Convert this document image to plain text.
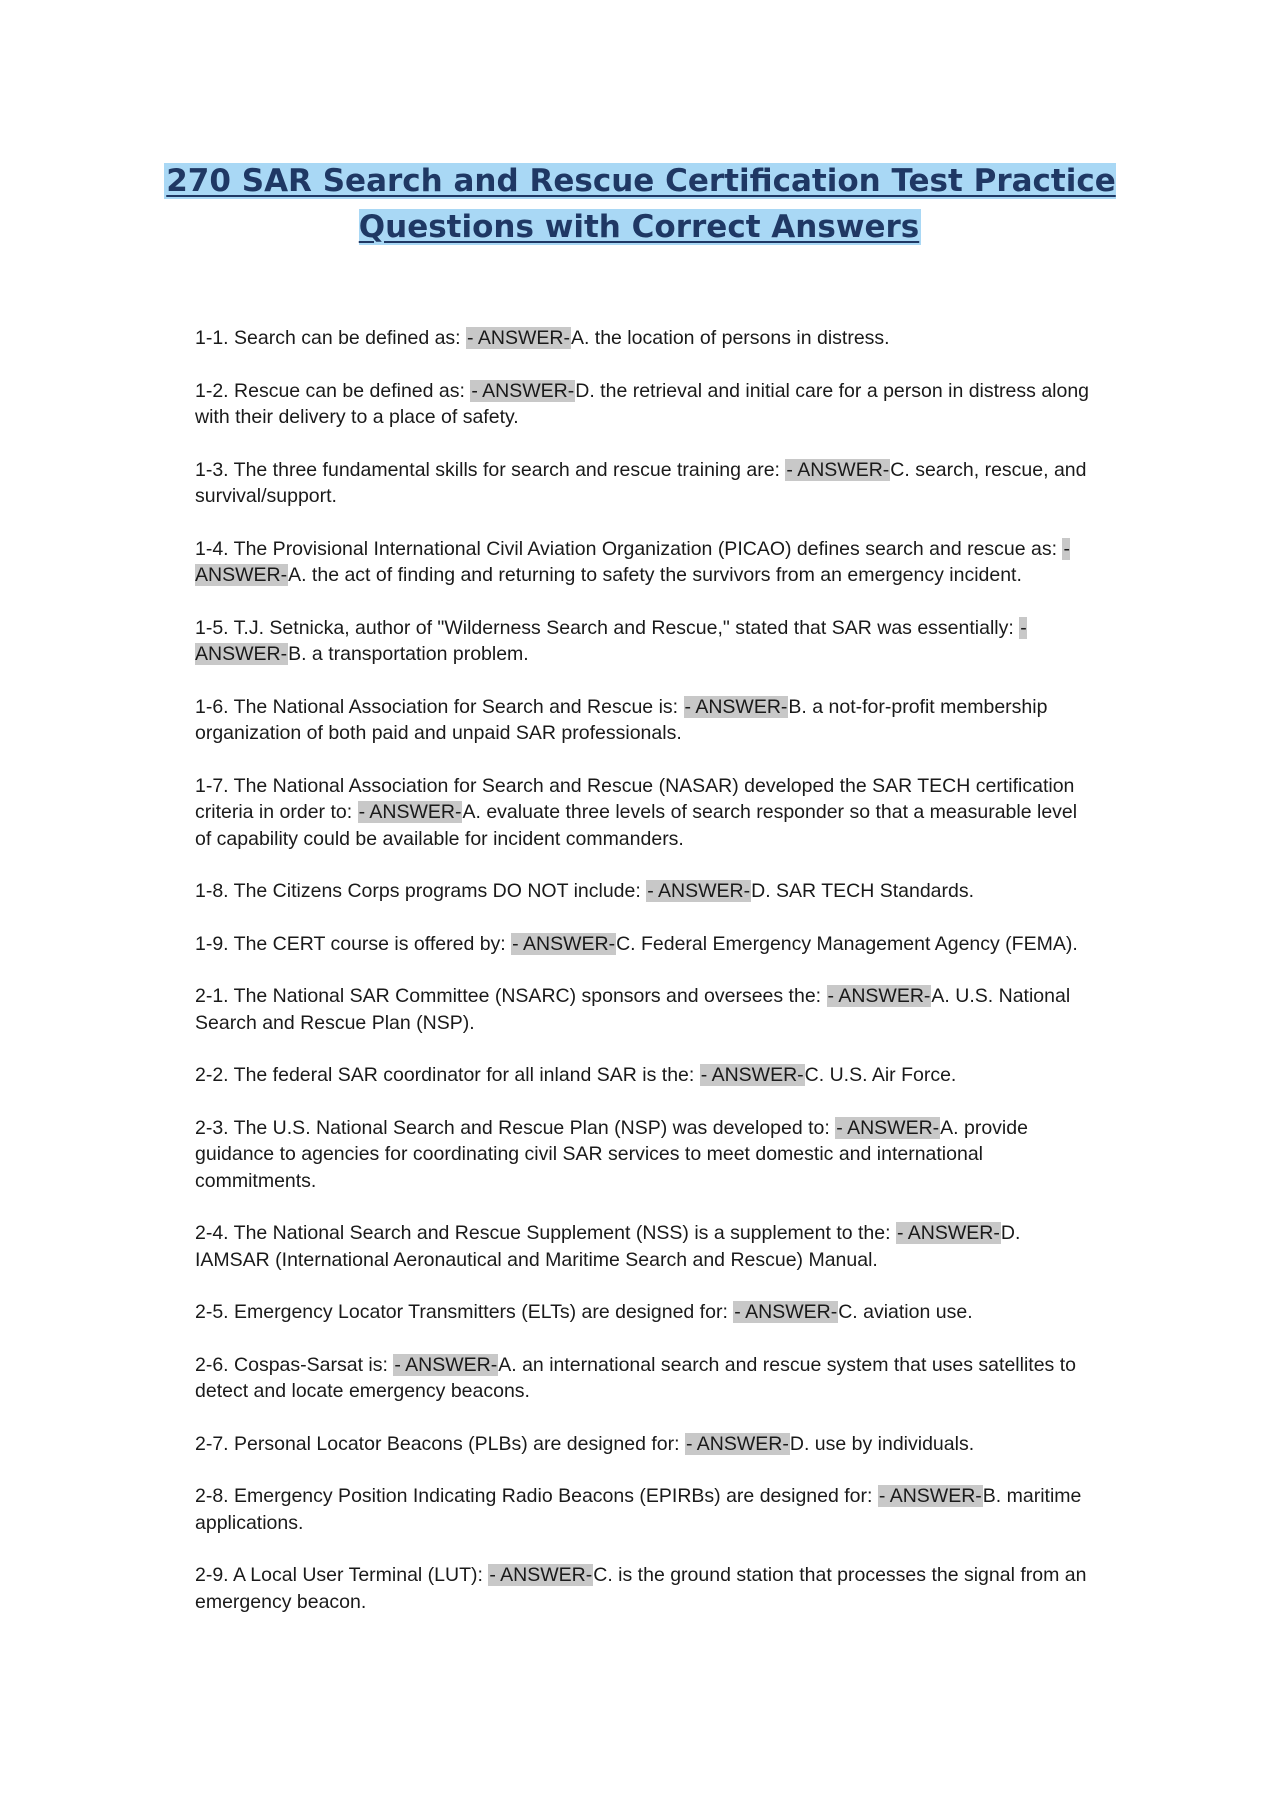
270 SAR Search and Rescue Certification Test Practice Questions with Correct Answers
1-1. Search can be defined as: - ANSWER-A. the location of persons in distress.
1-2. Rescue can be defined as: - ANSWER-D. the retrieval and initial care for a person in distress along with their delivery to a place of safety.
1-3. The three fundamental skills for search and rescue training are: - ANSWER-C. search, rescue, and survival/support.
1-4. The Provisional International Civil Aviation Organization (PICAO) defines search and rescue as: - ANSWER-A. the act of finding and returning to safety the survivors from an emergency incident.
1-5. T.J. Setnicka, author of "Wilderness Search and Rescue," stated that SAR was essentially: - ANSWER-B. a transportation problem.
1-6. The National Association for Search and Rescue is: - ANSWER-B. a not-for-profit membership organization of both paid and unpaid SAR professionals.
1-7. The National Association for Search and Rescue (NASAR) developed the SAR TECH certification criteria in order to: - ANSWER-A. evaluate three levels of search responder so that a measurable level of capability could be available for incident commanders.
1-8. The Citizens Corps programs DO NOT include: - ANSWER-D. SAR TECH Standards.
1-9. The CERT course is offered by: - ANSWER-C. Federal Emergency Management Agency (FEMA).
2-1. The National SAR Committee (NSARC) sponsors and oversees the: - ANSWER-A. U.S. National Search and Rescue Plan (NSP).
2-2. The federal SAR coordinator for all inland SAR is the: - ANSWER-C. U.S. Air Force.
2-3. The U.S. National Search and Rescue Plan (NSP) was developed to: - ANSWER-A. provide guidance to agencies for coordinating civil SAR services to meet domestic and international commitments.
2-4. The National Search and Rescue Supplement (NSS) is a supplement to the: - ANSWER-D. IAMSAR (International Aeronautical and Maritime Search and Rescue) Manual.
2-5. Emergency Locator Transmitters (ELTs) are designed for: - ANSWER-C. aviation use.
2-6. Cospas-Sarsat is: - ANSWER-A. an international search and rescue system that uses satellites to detect and locate emergency beacons.
2-7. Personal Locator Beacons (PLBs) are designed for: - ANSWER-D. use by individuals.
2-8. Emergency Position Indicating Radio Beacons (EPIRBs) are designed for: - ANSWER-B. maritime applications.
2-9. A Local User Terminal (LUT): - ANSWER-C. is the ground station that processes the signal from an emergency beacon.
